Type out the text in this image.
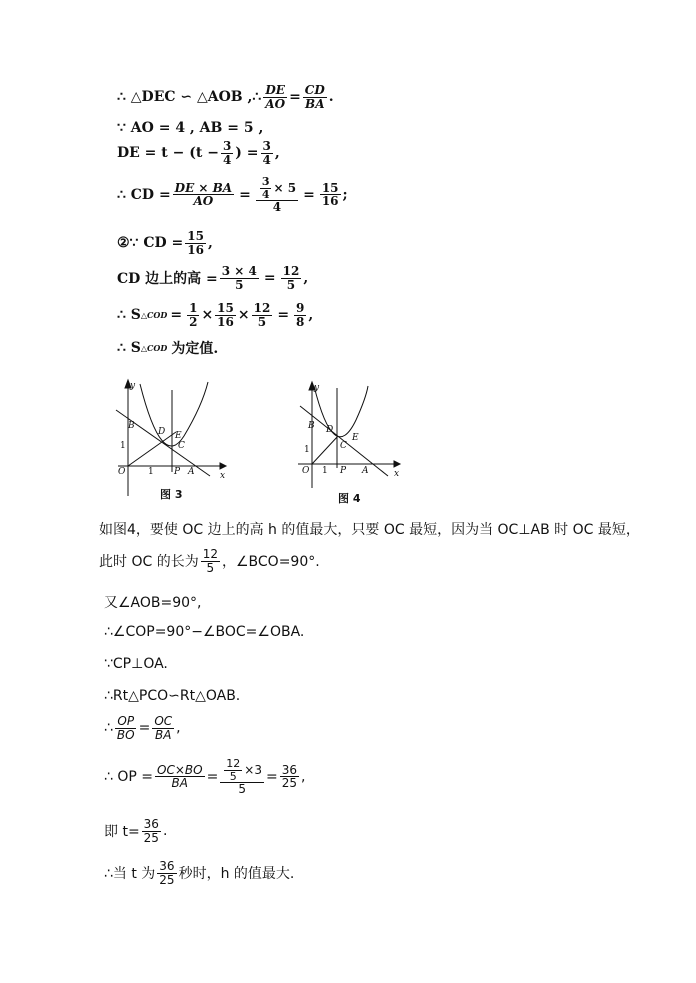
∴ △DEC ∽ △AOB ,∴ $\frac{DE}{AO} = \frac{CD}{BA}$ .
∵ AO = 4 , AB = 5 ,
DE = $t - (t - \frac{3}{4}$ ) = $\frac{3}{4}$ ,
∴ CD = $\frac{DE \times BA}{AO} = \frac{\frac{3}{4} \times 5}{4} = \frac{15}{16}$ ;
②∵ CD = $\frac{15}{16}$ ,
CD 边上的高 = $\frac{3 \times 4}{5} = \frac{12}{5}$ ,
∴ S △COD = $\frac{1}{2} \times \frac{15}{16} \times \frac{12}{5} = \frac{9}{8}$ ,
∴ S △COD 为定值.
y
x
B
D E
C
O	P A
1
1
图 3
y
x
B D
E
C
O	P A
1
1
图 4
如图4，要使 OC 边上的高 h 的值最大，只要 OC 最短，因为当 OC⊥AB 时 OC 最短，
此时 OC 的长为
12
5 ，∠BCO=90°.
又∠AOB=90°,
∴∠COP=90°−∠BOC=∠OBA.
∵CP⊥OA.
∴Rt△PCO∽Rt△OAB.
∴ $\frac{OP}{BO} = \frac{OC}{BA}$ ,
∴ OP = $\frac{OC\times BO}{BA} = \frac{\frac{12}{5} \times 3}{5} = \frac{36}{25}$ ,
即 $t= \frac{36}{25}$ .
∴当 t 为
36
25 秒时，h 的值最大.
